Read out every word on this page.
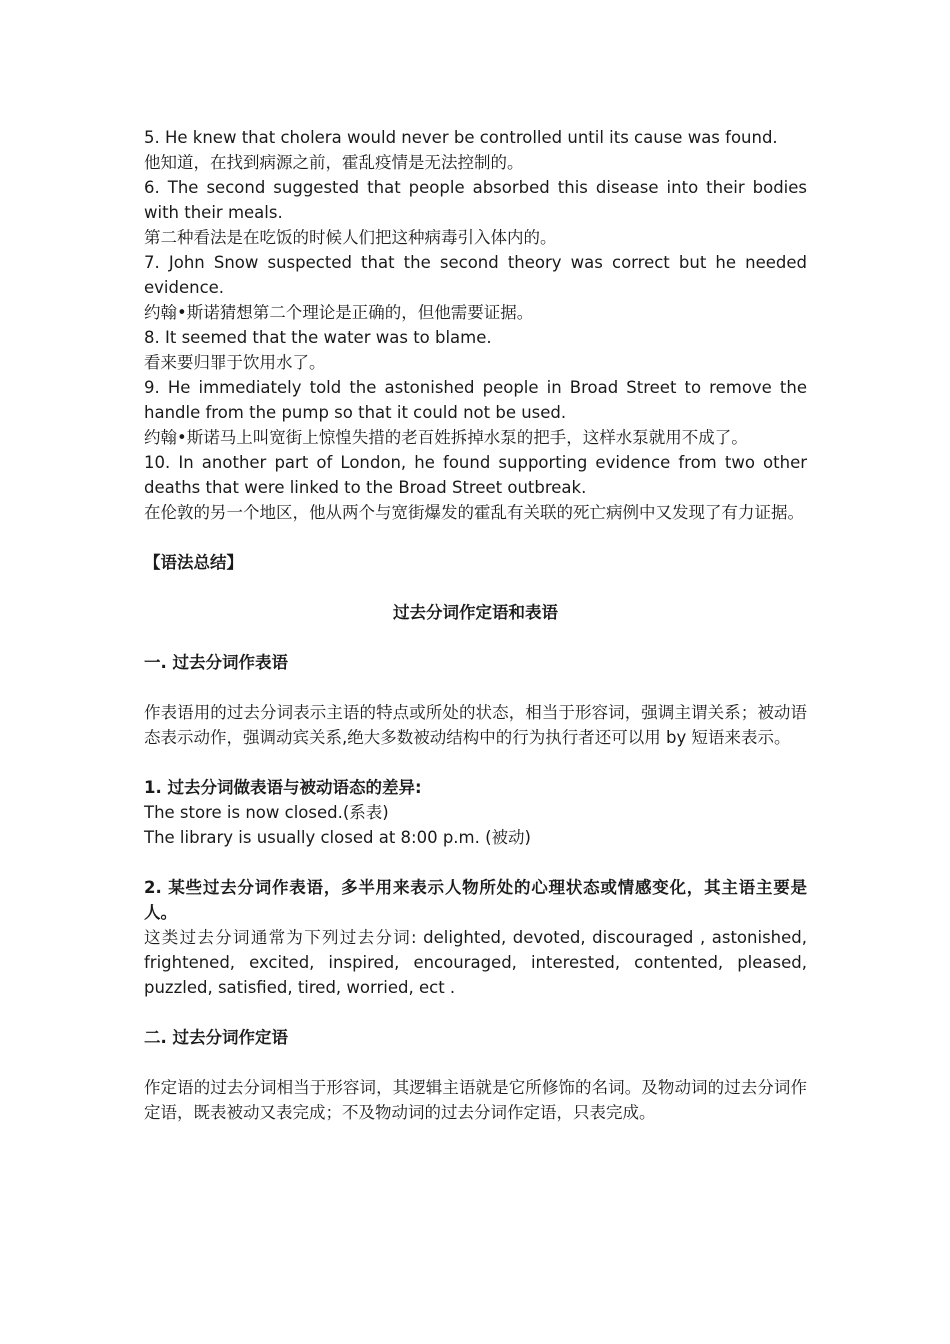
5. He knew that cholera would never be controlled until its cause was found.

他知道，在找到病源之前，霍乱疫情是无法控制的。

6. The second suggested that people absorbed this disease into their bodies with their meals.

第二种看法是在吃饭的时候人们把这种病毒引入体内的。

7. John Snow suspected that the second theory was correct but he needed evidence.

约翰•斯诺猜想第二个理论是正确的，但他需要证据。

8. It seemed that the water was to blame.

看来要归罪于饮用水了。

9. He immediately told the astonished people in Broad Street to remove the handle from the pump so that it could not be used.

约翰•斯诺马上叫宽街上惊惶失措的老百姓拆掉水泵的把手，这样水泵就用不成了。

10. In another part of London, he found supporting evidence from two other deaths that were linked to the Broad Street outbreak.

在伦敦的另一个地区，他从两个与宽街爆发的霍乱有关联的死亡病例中又发现了有力证据。

【语法总结】

过去分词作定语和表语

一. 过去分词作表语

作表语用的过去分词表示主语的特点或所处的状态，相当于形容词，强调主谓关系；被动语态表示动作，强调动宾关系,绝大多数被动结构中的行为执行者还可以用 by 短语来表示。

1. 过去分词做表语与被动语态的差异:

The store is now closed.(系表)

The library is usually closed at 8:00 p.m. (被动)

2. 某些过去分词作表语，多半用来表示人物所处的心理状态或情感变化，其主语主要是人。

这类过去分词通常为下列过去分词: delighted, devoted, discouraged , astonished, frightened, excited, inspired, encouraged, interested, contented, pleased, puzzled, satisfied, tired, worried, ect .

二. 过去分词作定语

作定语的过去分词相当于形容词，其逻辑主语就是它所修饰的名词。及物动词的过去分词作定语，既表被动又表完成；不及物动词的过去分词作定语，只表完成。
